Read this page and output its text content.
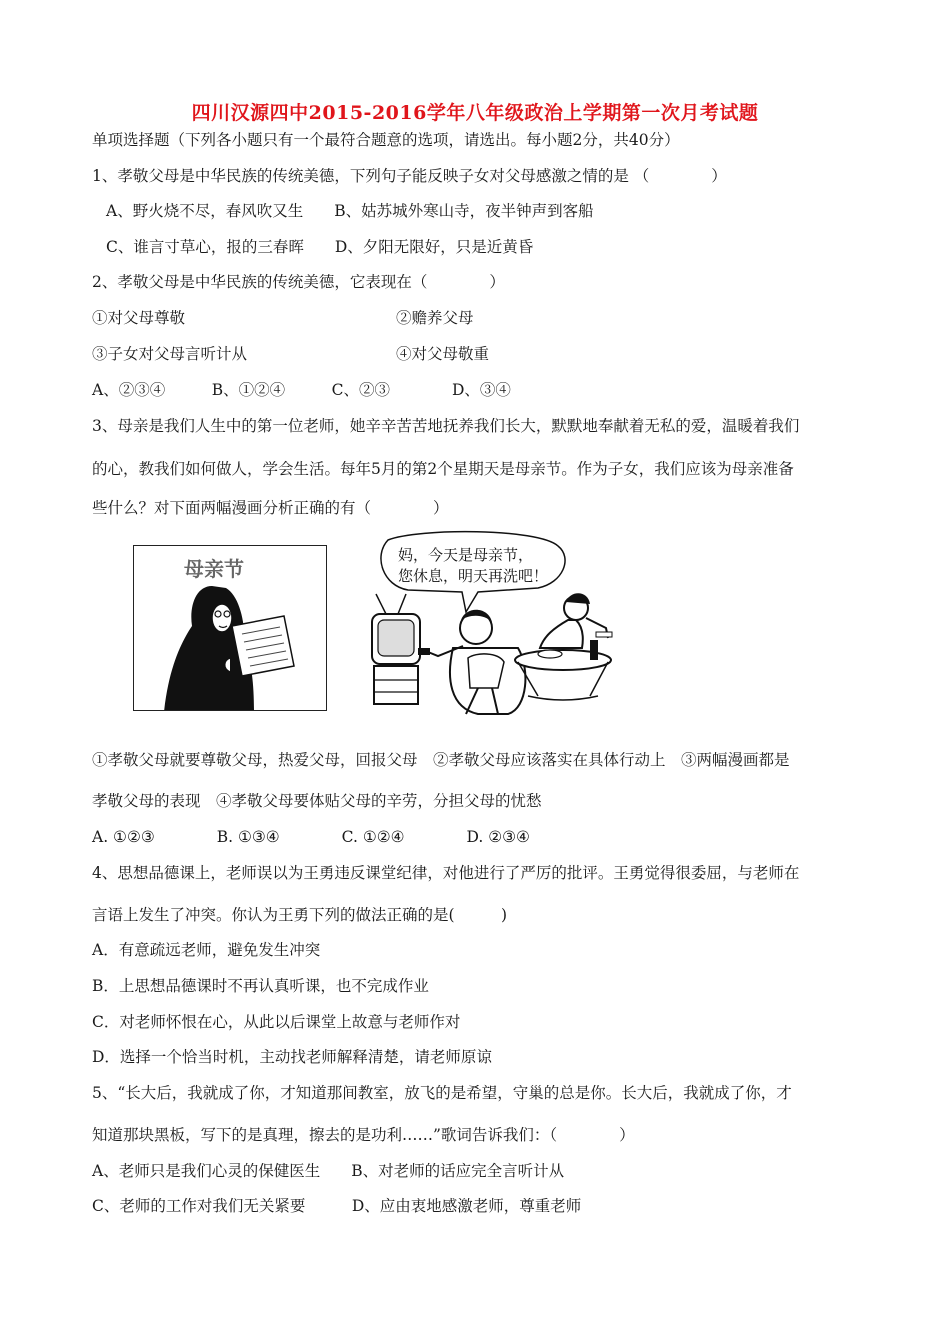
四川汉源四中2015-2016学年八年级政治上学期第一次月考试题
单项选择题（下列各小题只有一个最符合题意的选项，请选出。每小题2分，共40分）
1、孝敬父母是中华民族的传统美德，下列句子能反映子女对父母感激之情的是 （　　　　）
A、野火烧不尽，春风吹又生　　B、姑苏城外寒山寺，夜半钟声到客船
C、谁言寸草心，报的三春晖　　D、夕阳无限好，只是近黄昏
2、孝敬父母是中华民族的传统美德，它表现在（　　　　）
①对父母尊敬	②赡养父母
③子女对父母言听计从	④对父母敬重
A、②③④　　　B、①②④　　　C、②③　　　　D、③④
3、母亲是我们人生中的第一位老师，她辛辛苦苦地抚养我们长大，默默地奉献着无私的爱，温暖着我们
的心，教我们如何做人，学会生活。每年5月的第2个星期天是母亲节。作为子女，我们应该为母亲准备
些什么？对下面两幅漫画分析正确的有（　　　　）
母亲节
妈，今天是母亲节，
您休息，明天再洗吧！
①孝敬父母就要尊敬父母，热爱父母，回报父母　②孝敬父母应该落实在具体行动上　③两幅漫画都是
孝敬父母的表现　④孝敬父母要体贴父母的辛劳，分担父母的忧愁
A. ①②③　　　　B. ①③④　　　　C. ①②④　　　　D. ②③④
4、思想品德课上，老师误以为王勇违反课堂纪律，对他进行了严厉的批评。王勇觉得很委屈，与老师在
言语上发生了冲突。你认为王勇下列的做法正确的是(　　　)
A．有意疏远老师，避免发生冲突
B．上思想品德课时不再认真听课，也不完成作业
C．对老师怀恨在心，从此以后课堂上故意与老师作对
D．选择一个恰当时机，主动找老师解释清楚，请老师原谅
5、“长大后，我就成了你，才知道那间教室，放飞的是希望，守巢的总是你。长大后，我就成了你，才
知道那块黑板，写下的是真理，擦去的是功利……”歌词告诉我们：（　　　　）
A、老师只是我们心灵的保健医生　　B、对老师的话应完全言听计从
C、老师的工作对我们无关紧要　　　D、应由衷地感激老师，尊重老师
